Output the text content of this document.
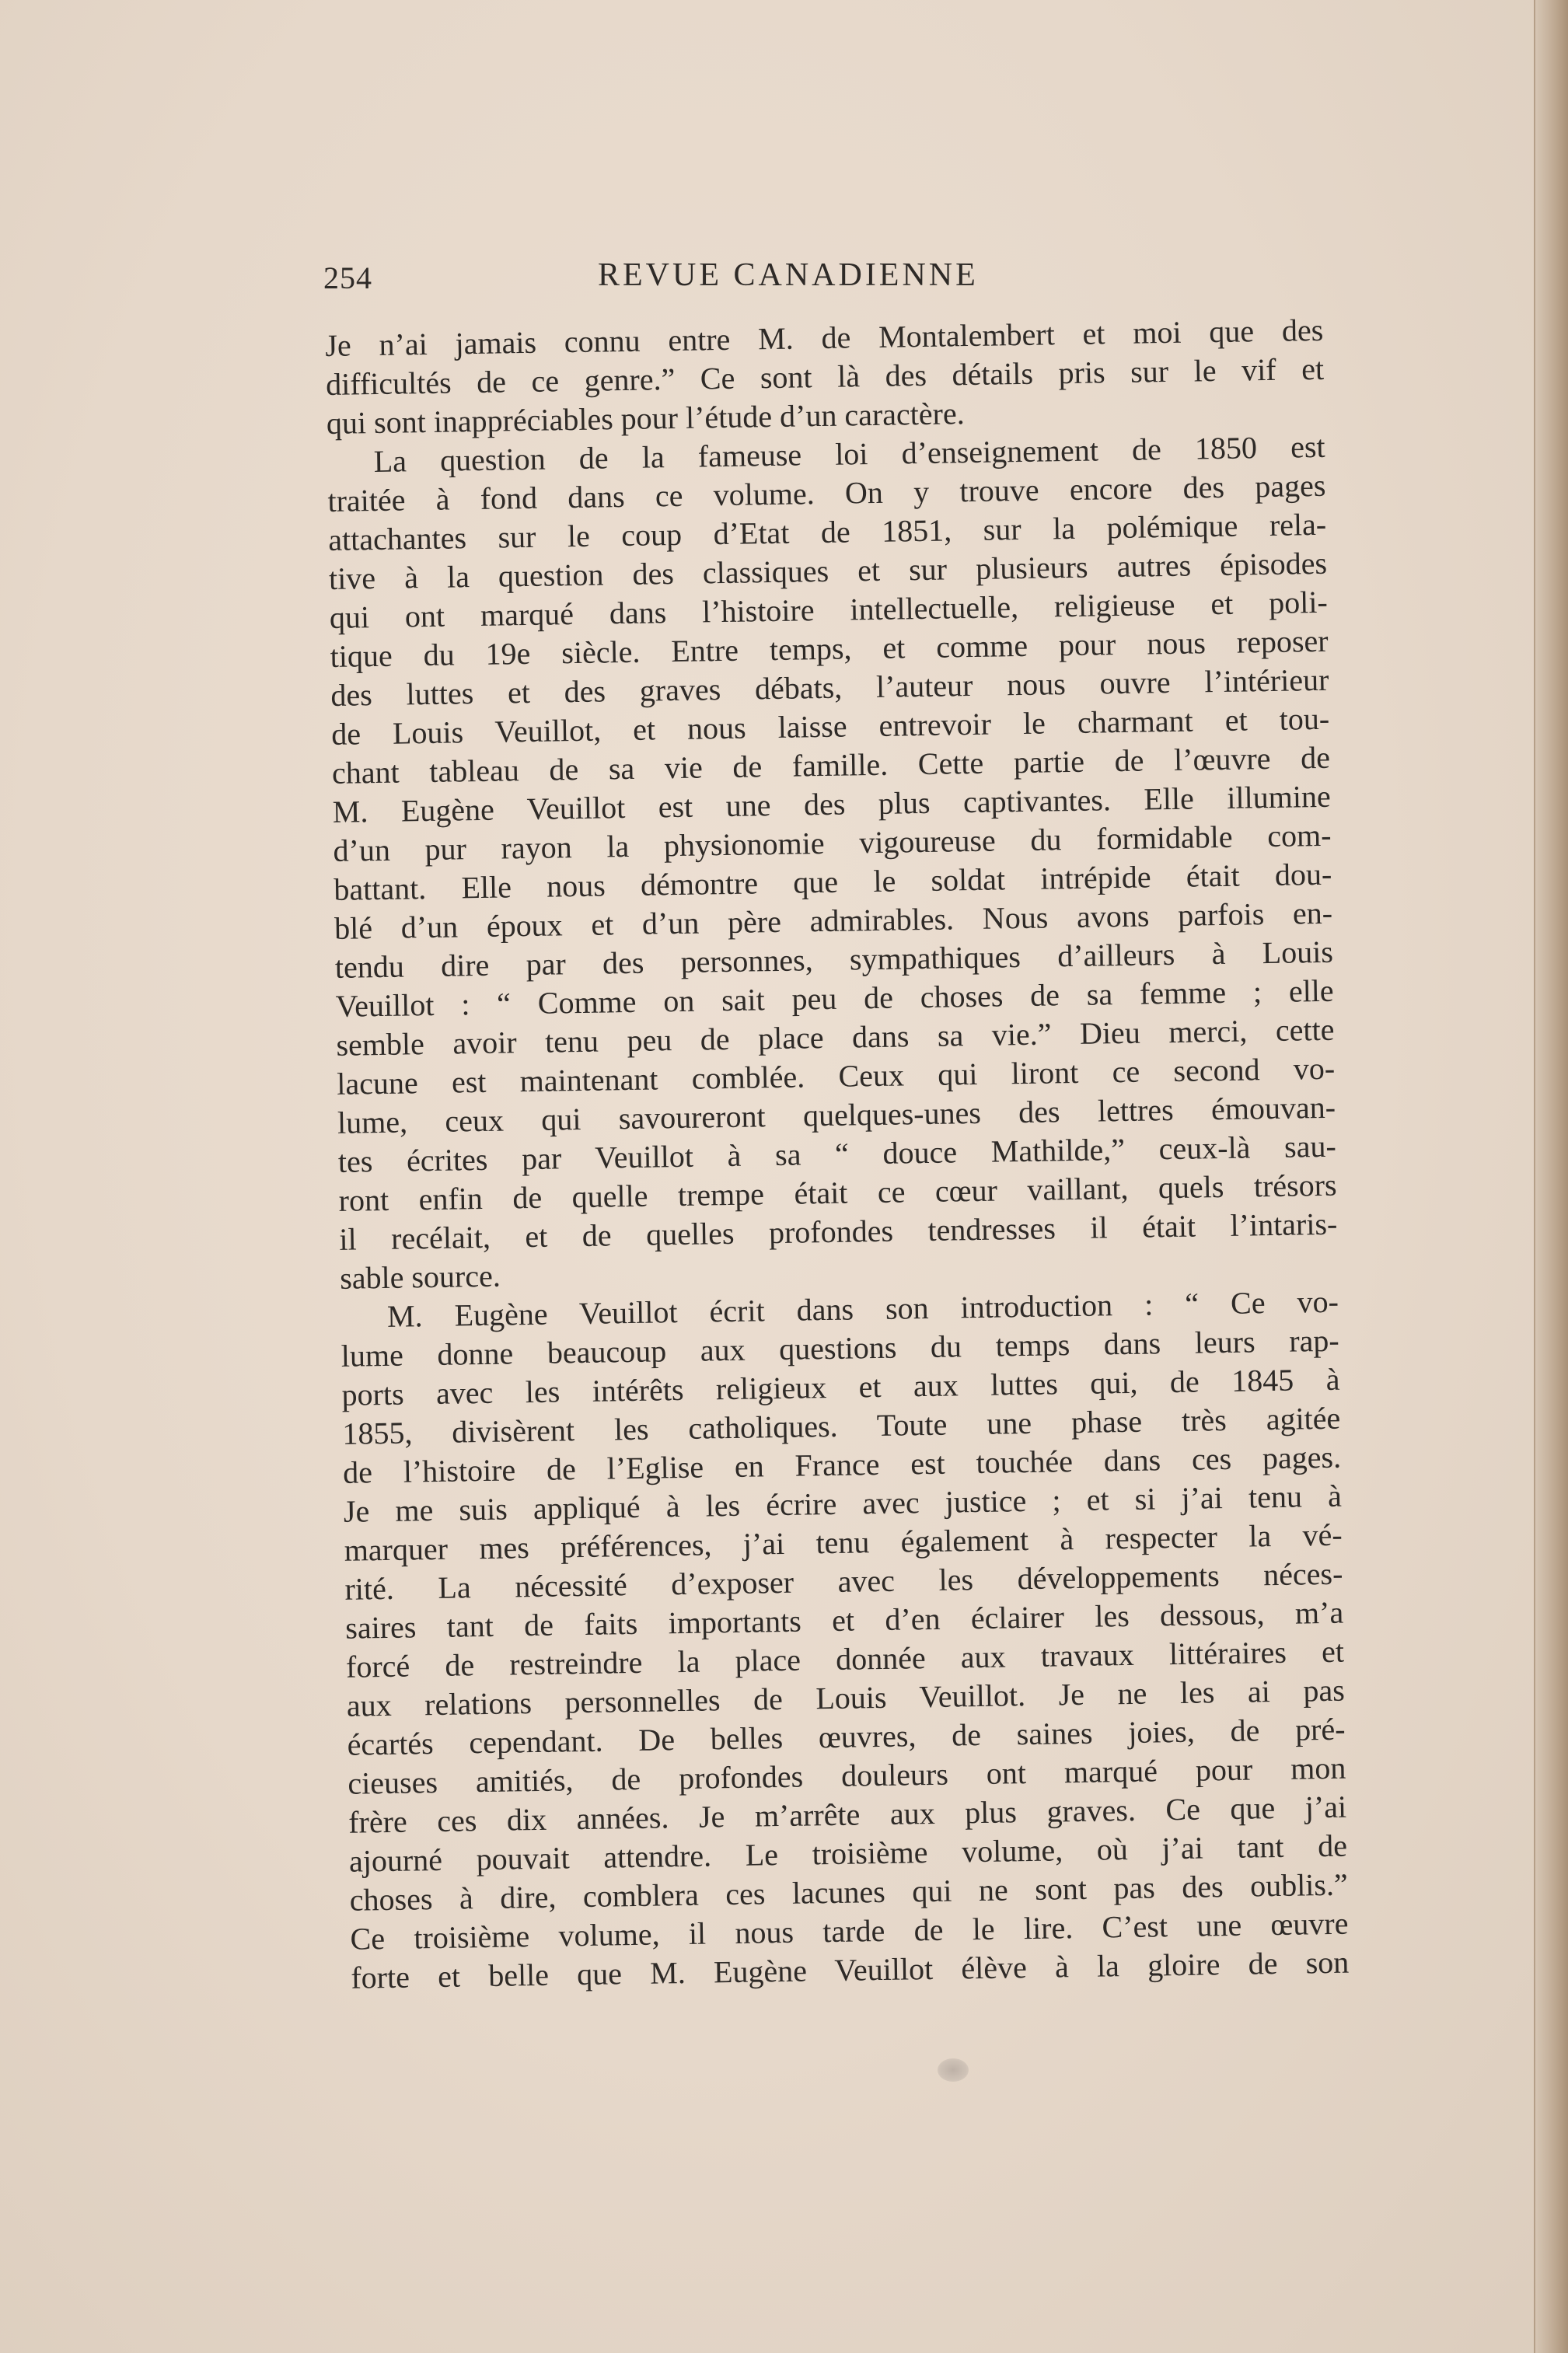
254	REVUE CANADIENNE
Je n’ai jamais connu entre M. de Montalembert et moi que des
difficultés de ce genre.” Ce sont là des détails pris sur le vif et
qui sont inappréciables pour l’étude d’un caractère.
La question de la fameuse loi d’enseignement de 1850 est
traitée à fond dans ce volume. On y trouve encore des pages
attachantes sur le coup d’Etat de 1851, sur la polémique rela-
tive à la question des classiques et sur plusieurs autres épisodes
qui ont marqué dans l’histoire intellectuelle, religieuse et poli-
tique du 19e siècle. Entre temps, et comme pour nous reposer
des luttes et des graves débats, l’auteur nous ouvre l’intérieur
de Louis Veuillot, et nous laisse entrevoir le charmant et tou-
chant tableau de sa vie de famille. Cette partie de l’œuvre de
M. Eugène Veuillot est une des plus captivantes. Elle illumine
d’un pur rayon la physionomie vigoureuse du formidable com-
battant. Elle nous démontre que le soldat intrépide était dou-
blé d’un époux et d’un père admirables. Nous avons parfois en-
tendu dire par des personnes, sympathiques d’ailleurs à Louis
Veuillot : “ Comme on sait peu de choses de sa femme ; elle
semble avoir tenu peu de place dans sa vie.” Dieu merci, cette
lacune est maintenant comblée. Ceux qui liront ce second vo-
lume, ceux qui savoureront quelques-unes des lettres émouvan-
tes écrites par Veuillot à sa “ douce Mathilde,” ceux-là sau-
ront enfin de quelle trempe était ce cœur vaillant, quels trésors
il recélait, et de quelles profondes tendresses il était l’intaris-
sable source.
M. Eugène Veuillot écrit dans son introduction : “ Ce vo-
lume donne beaucoup aux questions du temps dans leurs rap-
ports avec les intérêts religieux et aux luttes qui, de 1845 à
1855, divisèrent les catholiques. Toute une phase très agitée
de l’histoire de l’Eglise en France est touchée dans ces pages.
Je me suis appliqué à les écrire avec justice ; et si j’ai tenu à
marquer mes préférences, j’ai tenu également à respecter la vé-
rité. La nécessité d’exposer avec les développements néces-
saires tant de faits importants et d’en éclairer les dessous, m’a
forcé de restreindre la place donnée aux travaux littéraires et
aux relations personnelles de Louis Veuillot. Je ne les ai pas
écartés cependant. De belles œuvres, de saines joies, de pré-
cieuses amitiés, de profondes douleurs ont marqué pour mon
frère ces dix années. Je m’arrête aux plus graves. Ce que j’ai
ajourné pouvait attendre. Le troisième volume, où j’ai tant de
choses à dire, comblera ces lacunes qui ne sont pas des oublis.”
Ce troisième volume, il nous tarde de le lire. C’est une œuvre
forte et belle que M. Eugène Veuillot élève à la gloire de son
